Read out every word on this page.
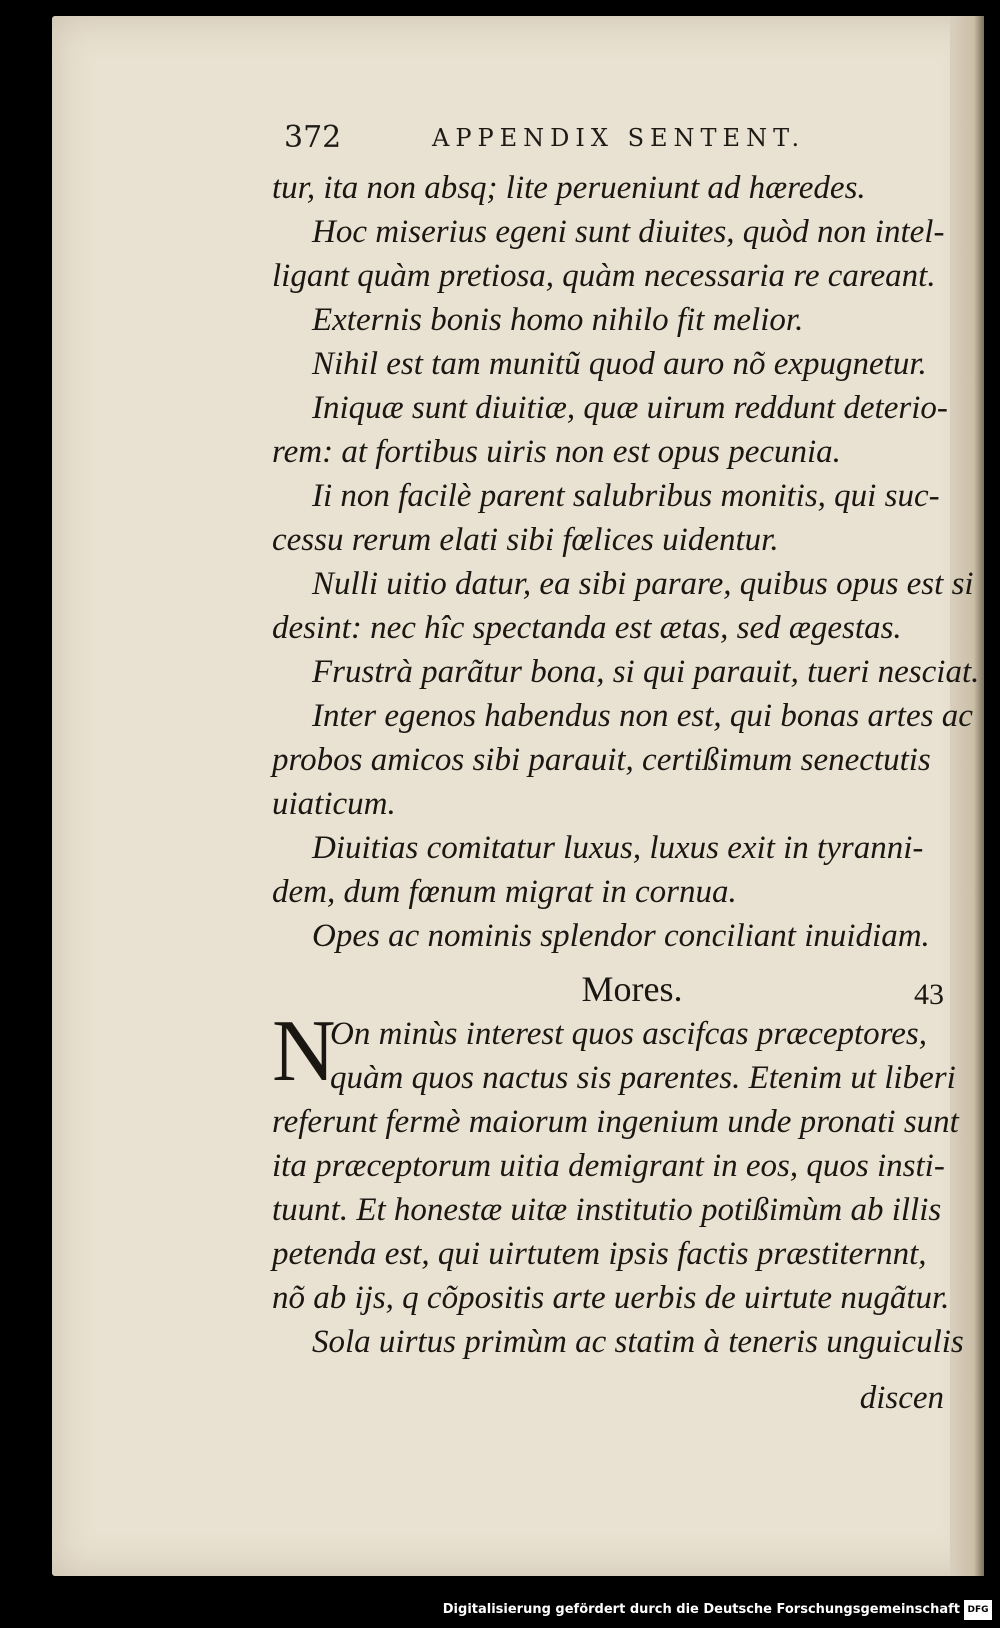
372	APPENDIX SENTENT.
tur, ita non absq; lite perueniunt ad hæredes.
Hoc miserius egeni sunt diuites, quòd non intel-
ligant quàm pretiosa, quàm necessaria re careant.
Externis bonis homo nihilo fit melior.
Nihil est tam munitũ quod auro nõ expugnetur.
Iniquæ sunt diuitiæ, quæ uirum reddunt deterio-
rem: at fortibus uiris non est opus pecunia.
Ii non facilè parent salubribus monitis, qui suc-
cessu rerum elati sibi fœlices uidentur.
Nulli uitio datur, ea sibi parare, quibus opus est si
desint: nec hîc spectanda est ætas, sed ægestas.
Frustrà parãtur bona, si qui parauit, tueri nesciat.
Inter egenos habendus non est, qui bonas artes ac
probos amicos sibi parauit, certißimum senectutis
uiaticum.
Diuitias comitatur luxus, luxus exit in tyranni-
dem, dum fœnum migrat in cornua.
Opes ac nominis splendor conciliant inuidiam.
Mores.	43
N
On minùs interest quos ascifcas præceptores,
quàm quos nactus sis parentes. Etenim ut liberi
referunt fermè maiorum ingenium unde pronati sunt
ita præceptorum uitia demigrant in eos, quos insti-
tuunt. Et honestæ uitæ institutio potißimùm ab illis
petenda est, qui uirtutem ipsis factis præstiternnt,
nõ ab ijs, q cõpositis arte uerbis de uirtute nugãtur.
Sola uirtus primùm ac statim à teneris unguiculis
discen
Digitalisierung gefördert durch die Deutsche Forschungsgemeinschaft DFG
